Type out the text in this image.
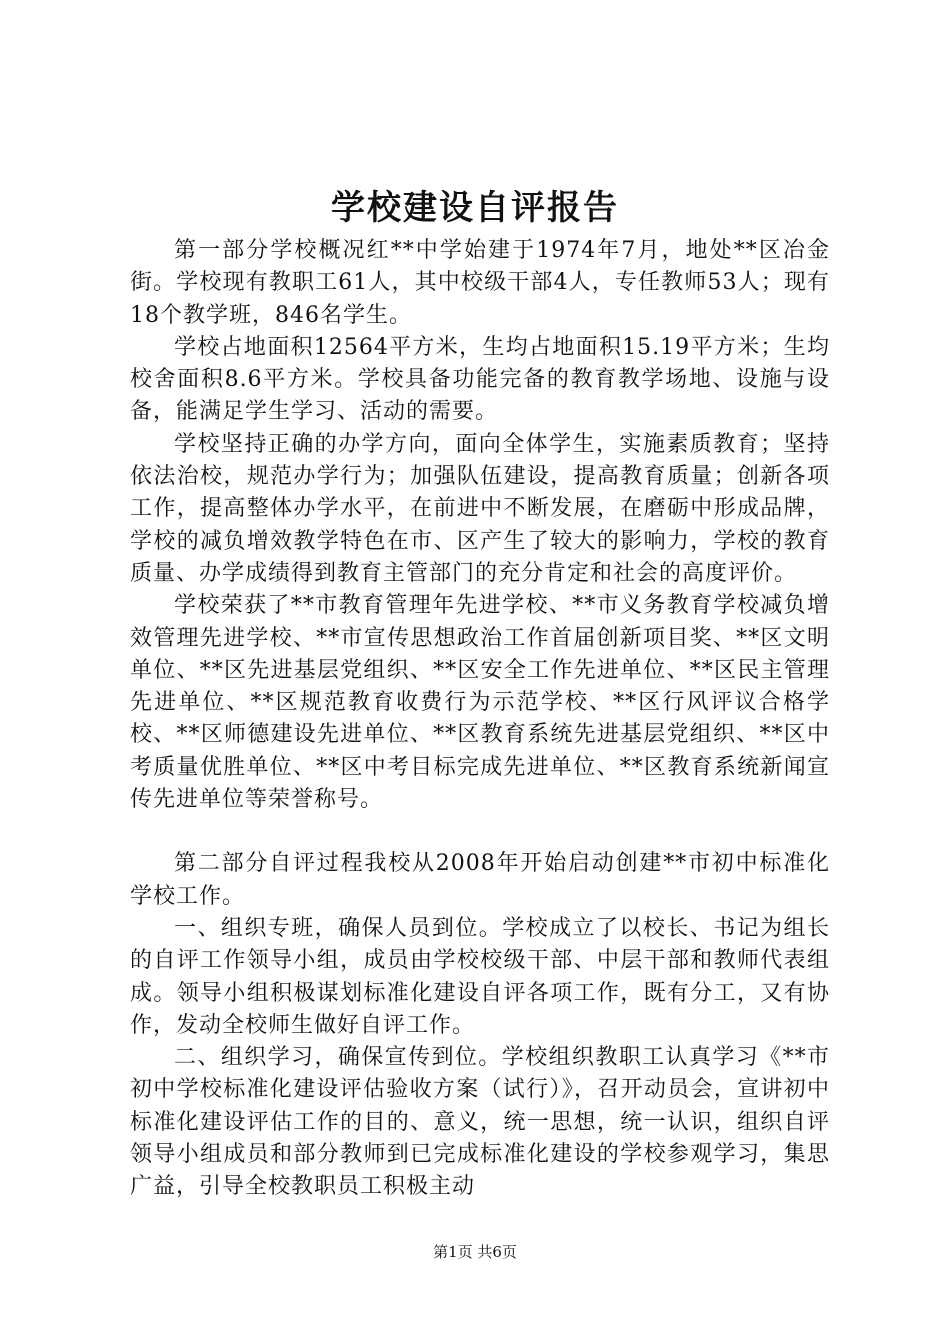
学校建设自评报告

第一部分学校概况红**中学始建于1974年7月，地处**区冶金街。学校现有教职工61人，其中校级干部4人，专任教师53人；现有18个教学班，846名学生。

学校占地面积12564平方米，生均占地面积15.19平方米；生均校舍面积8.6平方米。学校具备功能完备的教育教学场地、设施与设备，能满足学生学习、活动的需要。

学校坚持正确的办学方向，面向全体学生，实施素质教育；坚持依法治校，规范办学行为；加强队伍建设，提高教育质量；创新各项工作，提高整体办学水平，在前进中不断发展，在磨砺中形成品牌，学校的减负增效教学特色在市、区产生了较大的影响力，学校的教育质量、办学成绩得到教育主管部门的充分肯定和社会的高度评价。

学校荣获了**市教育管理年先进学校、**市义务教育学校减负增效管理先进学校、**市宣传思想政治工作首届创新项目奖、**区文明单位、**区先进基层党组织、**区安全工作先进单位、**区民主管理先进单位、**区规范教育收费行为示范学校、**区行风评议合格学校、**区师德建设先进单位、**区教育系统先进基层党组织、**区中考质量优胜单位、**区中考目标完成先进单位、**区教育系统新闻宣传先进单位等荣誉称号。

第二部分自评过程我校从2008年开始启动创建**市初中标准化学校工作。

一、组织专班，确保人员到位。学校成立了以校长、书记为组长的自评工作领导小组，成员由学校校级干部、中层干部和教师代表组成。领导小组积极谋划标准化建设自评各项工作，既有分工，又有协作，发动全校师生做好自评工作。

二、组织学习，确保宣传到位。学校组织教职工认真学习《**市初中学校标准化建设评估验收方案（试行）》，召开动员会，宣讲初中标准化建设评估工作的目的、意义，统一思想，统一认识，组织自评领导小组成员和部分教师到已完成标准化建设的学校参观学习，集思广益，引导全校教职员工积极主动

第1页 共6页
